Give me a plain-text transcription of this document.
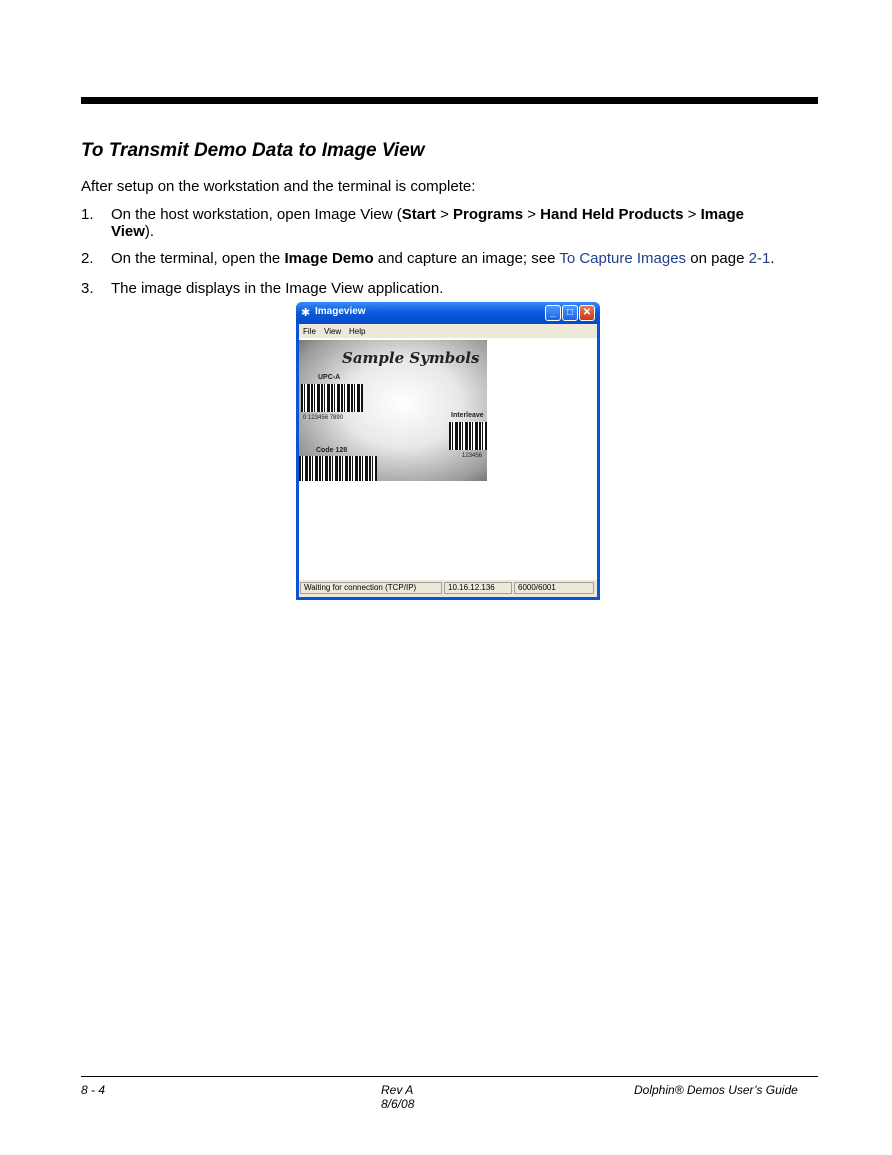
To Transmit Demo Data to Image View
After setup on the workstation and the terminal is complete:
1. On the host workstation, open Image View (Start > Programs > Hand Held Products > Image
View).
2. On the terminal, open the Image Demo and capture an image; see To Capture Images on page 2-1.
3. The image displays in the Image View application.
✱ Imageview	_	□ ✕
File View Help
Sample Symbols
UPC-A
0 123456 7890	Interleave
123456
Code 128
Waiting for connection (TCP/IP)	10.16.12.136	6000/6001
8 - 4	Rev A
8/6/08
Dolphin® Demos User’s Guide
